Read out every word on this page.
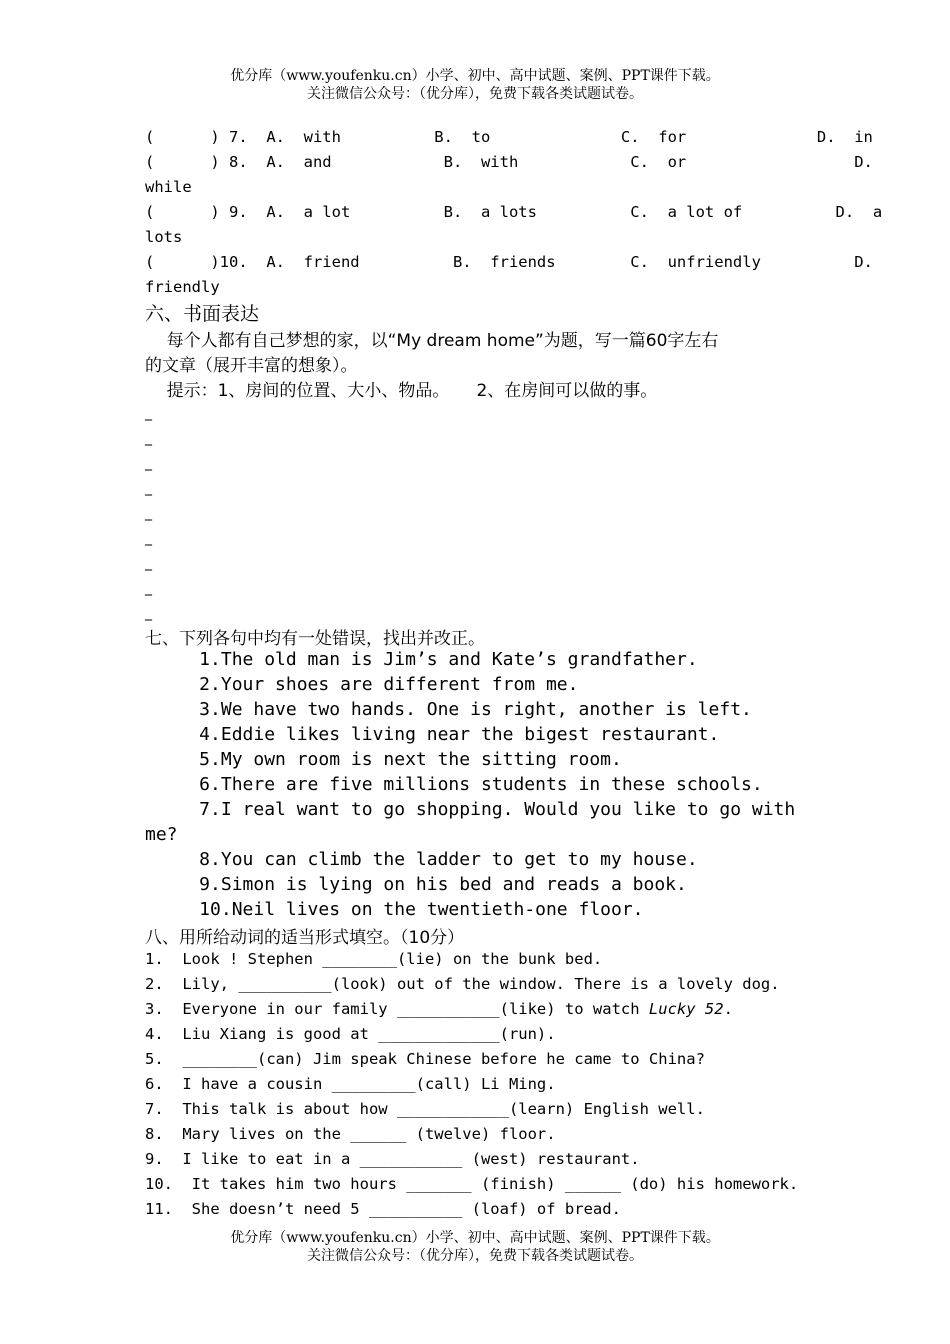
优分库（www.youfenku.cn）小学、初中、高中试题、案例、PPT课件下载。
关注微信公众号：（优分库），免费下载各类试题试卷。
(      ) 7.  A.  with          B.  to              C.  for              D.  in
(      ) 8.  A.  and            B.  with            C.  or                  D.
while
(      ) 9.  A.  a lot          B.  a lots          C.  a lot of          D.  a
lots
(      )10.  A.  friend          B.  friends        C.  unfriendly          D.
friendly
六、书面表达
每个人都有自己梦想的家，以“My dream home”为题，写一篇60字左右
的文章（展开丰富的想象）。
提示：1、房间的位置、大小、物品。     2、在房间可以做的事。
_
_
_
_
_
_
_
_
_
七、下列各句中均有一处错误，找出并改正。
1.The old man is Jim’s and Kate’s grandfather.
2.Your shoes are different from me.
3.We have two hands. One is right, another is left.
4.Eddie likes living near the bigest restaurant.
5.My own room is next the sitting room.
6.There are five millions students in these schools.
7.I real want to go shopping. Would you like to go with
me?
8.You can climb the ladder to get to my house.
9.Simon is lying on his bed and reads a book.
10.Neil lives on the twentieth-one floor.
八、用所给动词的适当形式填空。（10分）
1.  Look ! Stephen ________(lie) on the bunk bed.
2.  Lily, __________(look) out of the window. There is a lovely dog.
3.  Everyone in our family ___________(like) to watch Lucky 52.
4.  Liu Xiang is good at _____________(run).
5.  ________(can) Jim speak Chinese before he came to China?
6.  I have a cousin _________(call) Li Ming.
7.  This talk is about how ____________(learn) English well.
8.  Mary lives on the ______ (twelve) floor.
9.  I like to eat in a ___________ (west) restaurant.
10.  It takes him two hours _______ (finish) ______ (do) his homework.
11.  She doesn’t need 5 __________ (loaf) of bread.
优分库（www.youfenku.cn）小学、初中、高中试题、案例、PPT课件下载。
关注微信公众号：（优分库），免费下载各类试题试卷。
